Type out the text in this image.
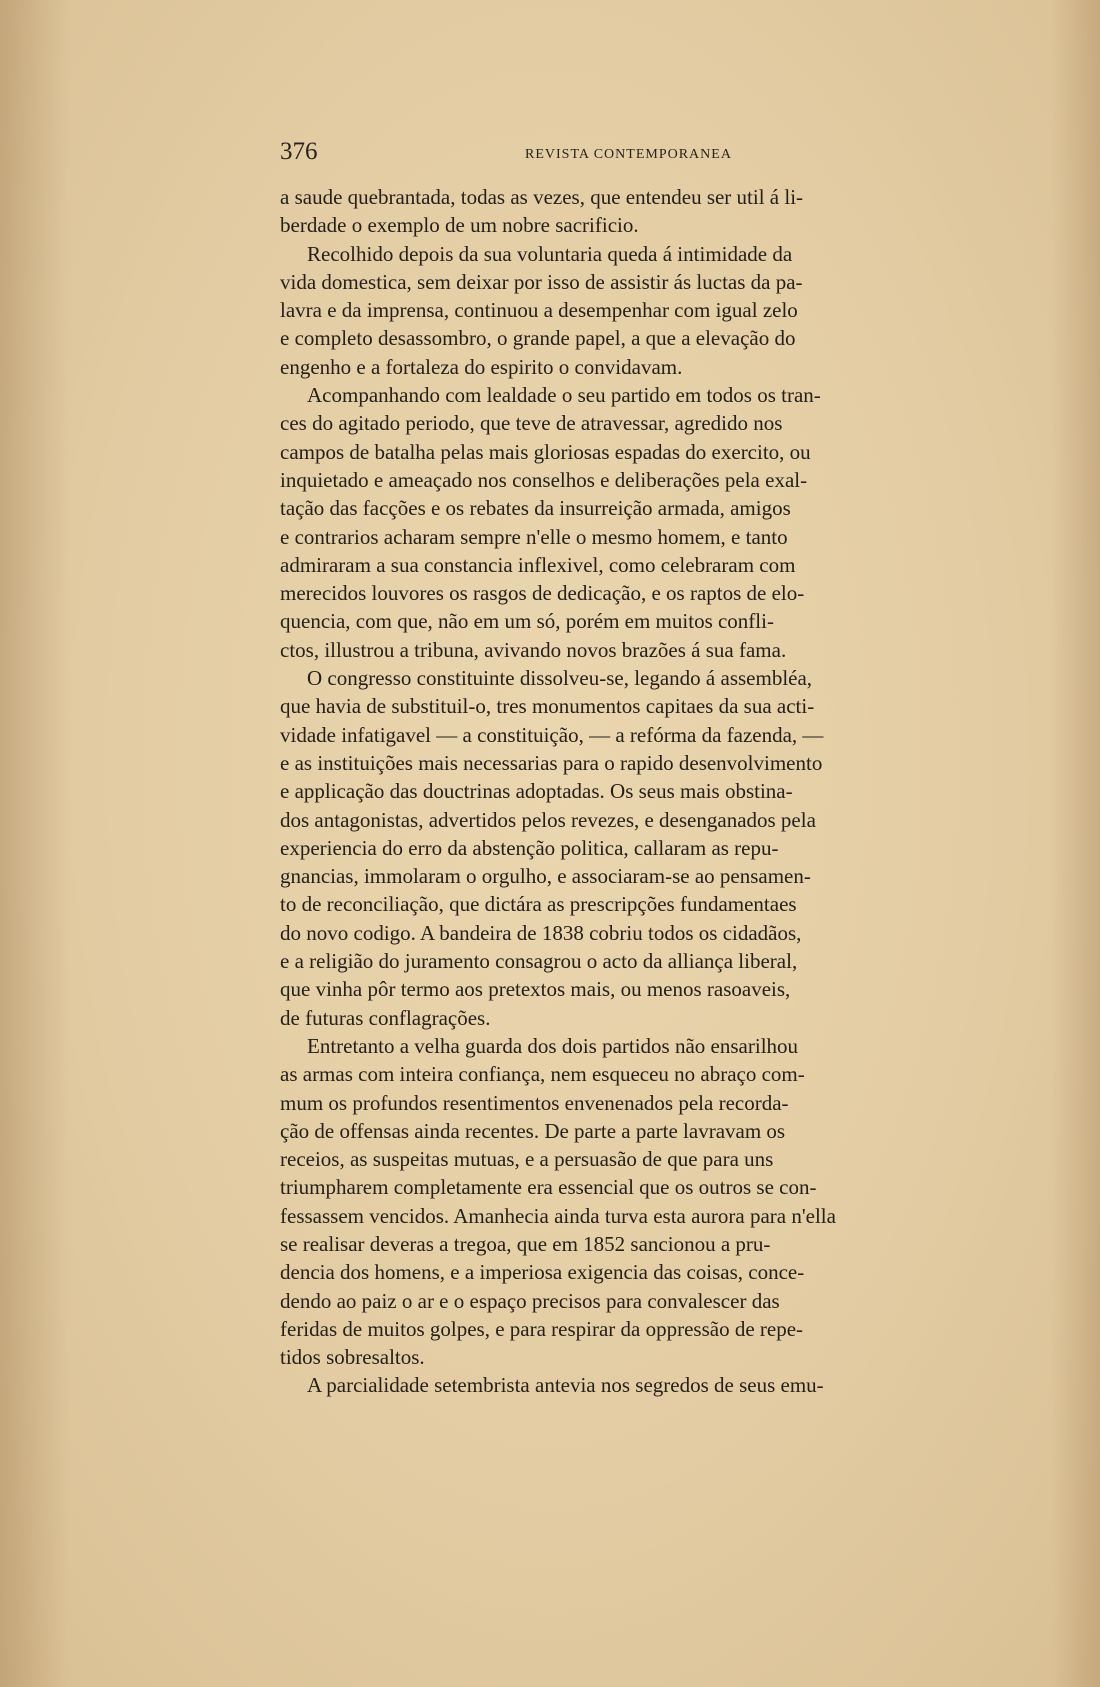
376	REVISTA CONTEMPORANEA

a saude quebrantada, todas as vezes, que entendeu ser util á li-
berdade o exemplo de um nobre sacrificio.

Recolhido depois da sua voluntaria queda á intimidade da
vida domestica, sem deixar por isso de assistir ás luctas da pa-
lavra e da imprensa, continuou a desempenhar com igual zelo
e completo desassombro, o grande papel, a que a elevação do
engenho e a fortaleza do espirito o convidavam.

Acompanhando com lealdade o seu partido em todos os tran-
ces do agitado periodo, que teve de atravessar, agredido nos
campos de batalha pelas mais gloriosas espadas do exercito, ou
inquietado e ameaçado nos conselhos e deliberações pela exal-
tação das facções e os rebates da insurreição armada, amigos
e contrarios acharam sempre n'elle o mesmo homem, e tanto
admiraram a sua constancia inflexivel, como celebraram com
merecidos louvores os rasgos de dedicação, e os raptos de elo-
quencia, com que, não em um só, porém em muitos confli-
ctos, illustrou a tribuna, avivando novos brazões á sua fama.

O congresso constituinte dissolveu-se, legando á assembléa,
que havia de substituil-o, tres monumentos capitaes da sua acti-
vidade infatigavel — a constituição, — a refórma da fazenda, —
e as instituições mais necessarias para o rapido desenvolvimento
e applicação das douctrinas adoptadas. Os seus mais obstina-
dos antagonistas, advertidos pelos revezes, e desenganados pela
experiencia do erro da abstenção politica, callaram as repu-
gnancias, immolaram o orgulho, e associaram-se ao pensamen-
to de reconciliação, que dictára as prescripções fundamentaes
do novo codigo. A bandeira de 1838 cobriu todos os cidadãos,
e a religião do juramento consagrou o acto da alliança liberal,
que vinha pôr termo aos pretextos mais, ou menos rasoaveis,
de futuras conflagrações.

Entretanto a velha guarda dos dois partidos não ensarilhou
as armas com inteira confiança, nem esqueceu no abraço com-
mum os profundos resentimentos envenenados pela recorda-
ção de offensas ainda recentes. De parte a parte lavravam os
receios, as suspeitas mutuas, e a persuasão de que para uns
triumpharem completamente era essencial que os outros se con-
fessassem vencidos. Amanhecia ainda turva esta aurora para n'ella
se realisar deveras a tregoa, que em 1852 sancionou a pru-
dencia dos homens, e a imperiosa exigencia das coisas, conce-
dendo ao paiz o ar e o espaço precisos para convalescer das
feridas de muitos golpes, e para respirar da oppressão de repe-
tidos sobresaltos.

A parcialidade setembrista antevia nos segredos de seus emu-
